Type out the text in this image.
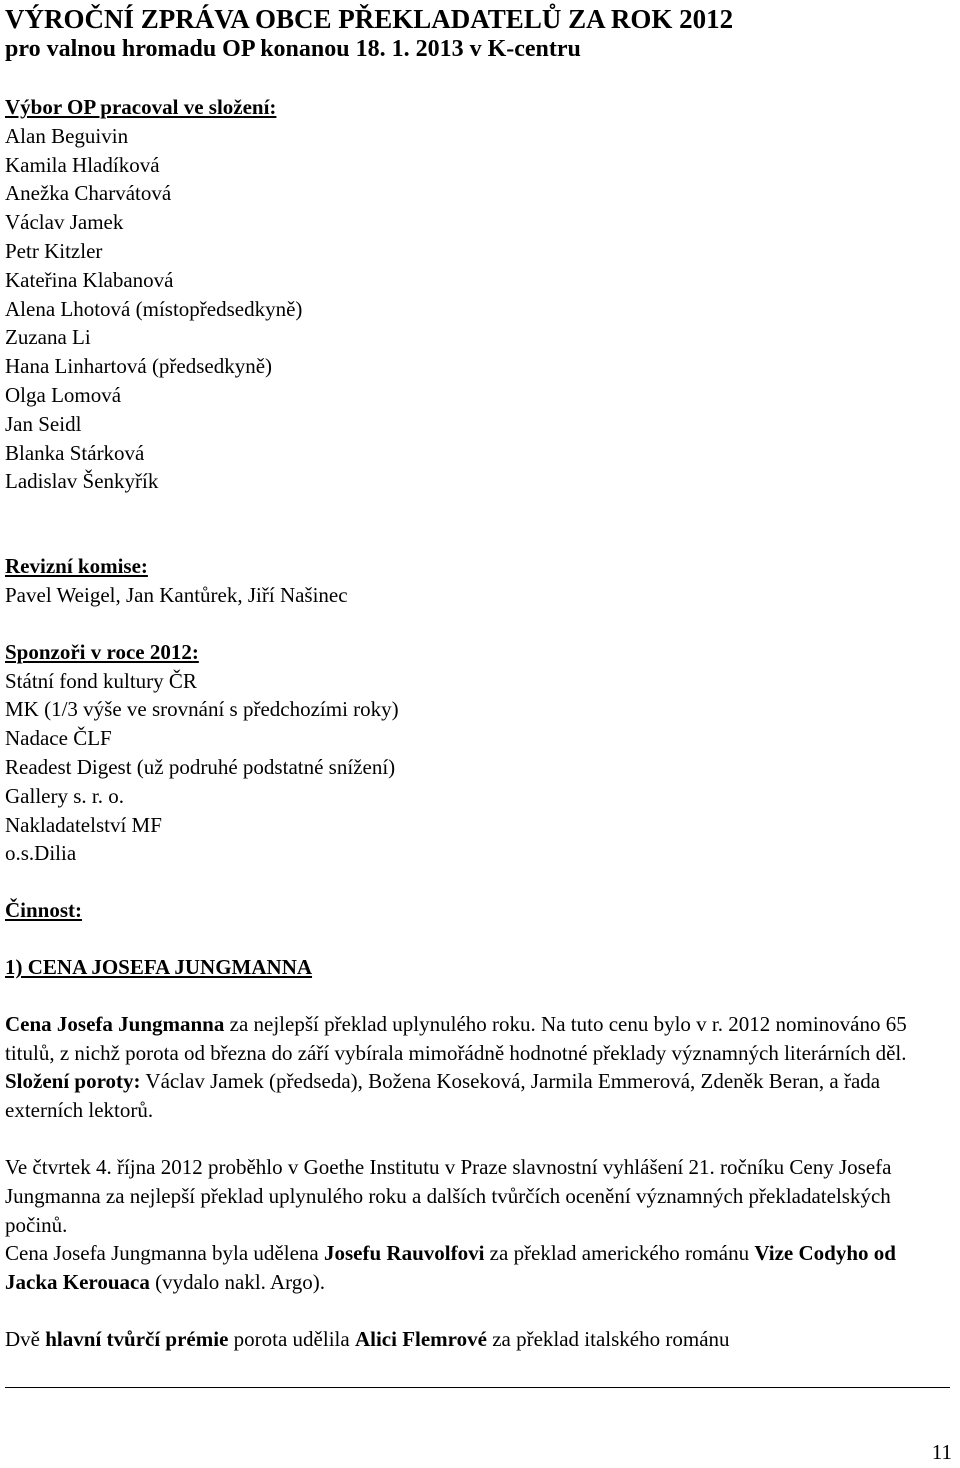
VÝROČNÍ ZPRÁVA OBCE PŘEKLADATELŮ ZA ROK 2012

pro valnou hromadu OP konanou 18. 1. 2013 v K-centru

Výbor OP pracoval ve složení:

Alan Beguivin

Kamila Hladíková

Anežka Charvátová

Václav Jamek

Petr Kitzler

Kateřina Klabanová

Alena Lhotová (místopředsedkyně)

Zuzana Li

Hana Linhartová (předsedkyně)

Olga Lomová

Jan Seidl

Blanka Stárková

Ladislav Šenkyřík

Revizní komise:

Pavel Weigel, Jan Kantůrek, Jiří Našinec

Sponzoři v roce 2012:

Státní fond kultury ČR

MK (1/3 výše ve srovnání s předchozími roky)

Nadace ČLF

Readest Digest (už podruhé podstatné snížení)

Gallery s. r. o.

Nakladatelství MF

o.s.Dilia

Činnost:

1) CENA JOSEFA JUNGMANNA

Cena Josefa Jungmanna za nejlepší překlad uplynulého roku. Na tuto cenu bylo v r. 2012 nominováno 65 titulů, z nichž porota od března do září vybírala mimořádně hodnotné překlady významných literárních děl.

Složení poroty: Václav Jamek (předseda), Božena Koseková, Jarmila Emmerová, Zdeněk Beran, a řada externích lektorů.

Ve čtvrtek 4. října 2012 proběhlo v Goethe Institutu v Praze slavnostní vyhlášení 21. ročníku Ceny Josefa Jungmanna za nejlepší překlad uplynulého roku a dalších tvůrčích ocenění významných překladatelských počinů.

Cena Josefa Jungmanna byla udělena Josefu Rauvolfovi za překlad amerického románu Vize Codyho od Jacka Kerouaca (vydalo nakl. Argo).

Dvě hlavní tvůrčí prémie porota udělila Alici Flemrové za překlad italského románu

11
